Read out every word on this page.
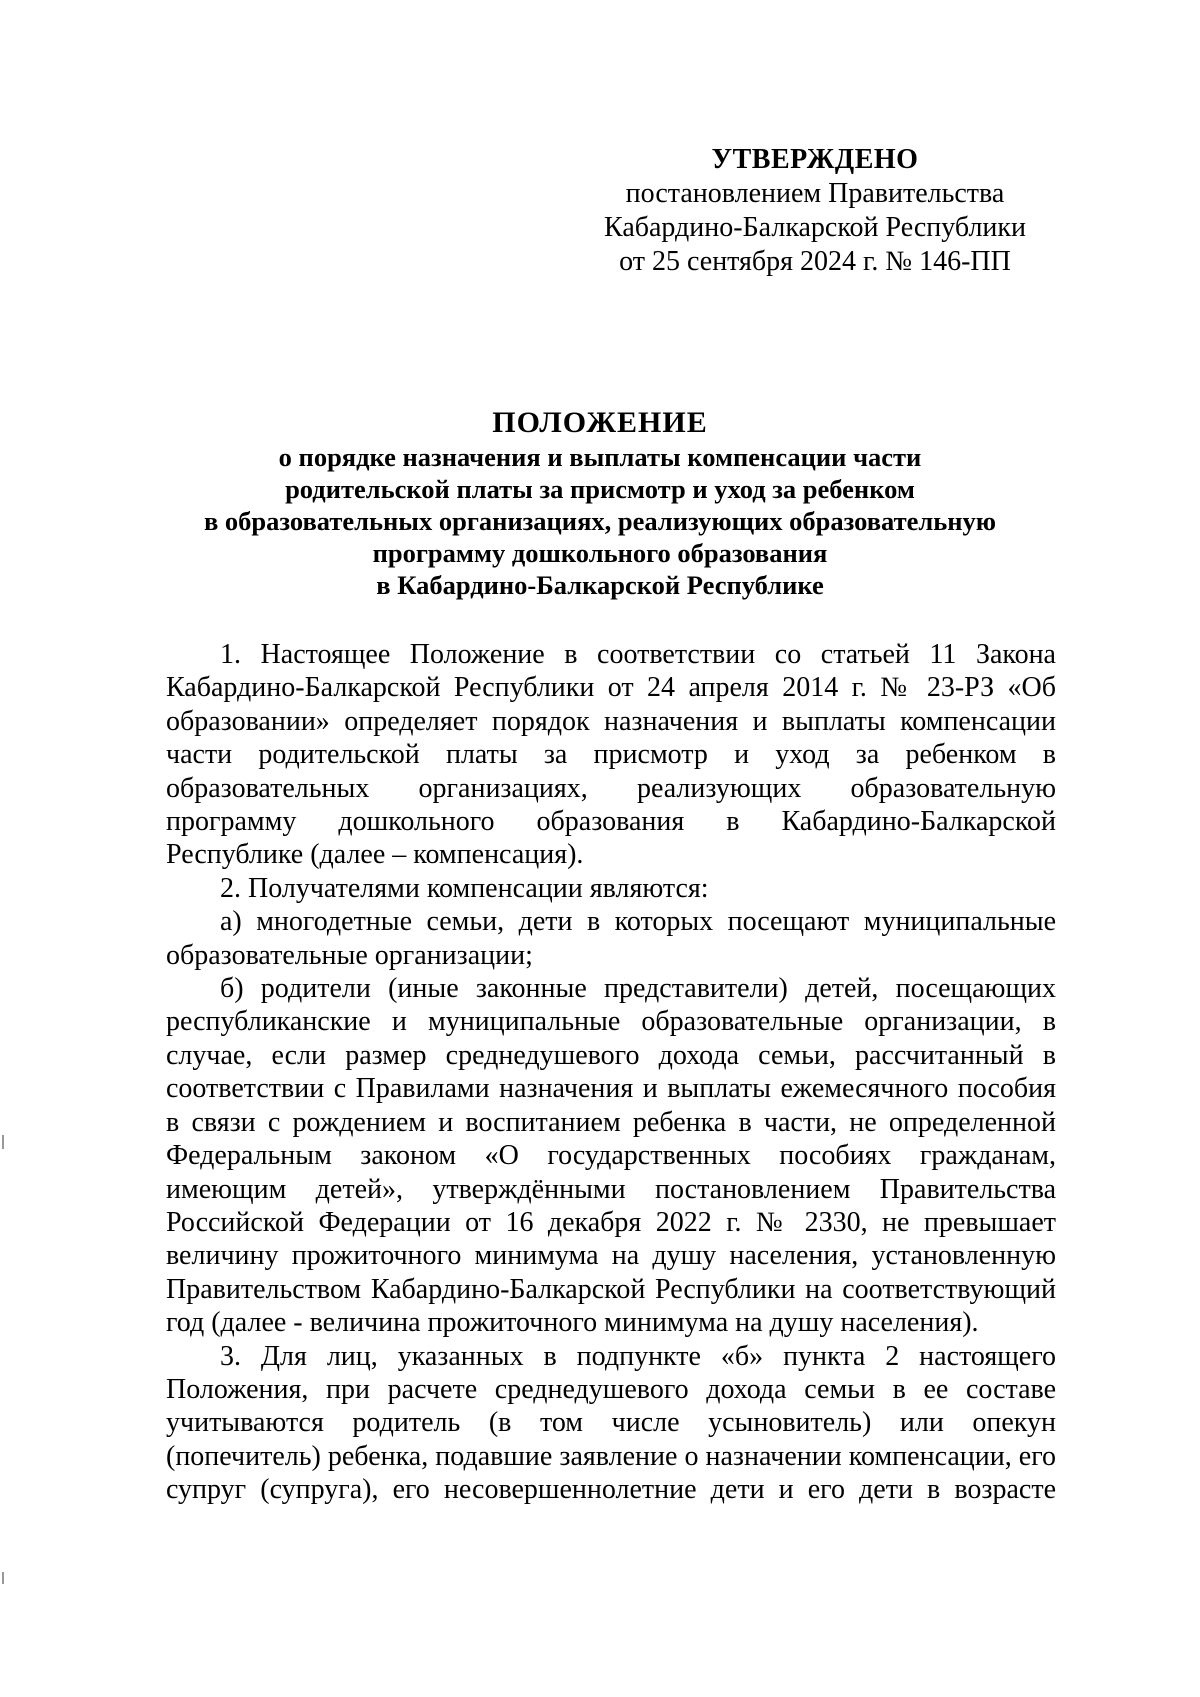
УТВЕРЖДЕНО
постановлением Правительства
Кабардино-Балкарской Республики
от 25 сентября 2024 г. № 146-ПП
ПОЛОЖЕНИЕ
о порядке назначения и выплаты компенсации части
родительской платы за присмотр и уход за ребенком
в образовательных организациях, реализующих образовательную
программу дошкольного образования
в Кабардино-Балкарской Республике

1. Настоящее Положение в соответствии со статьей 11 Закона Кабардино-Балкарской Республики от 24 апреля 2014 г. № 23-РЗ «Об образовании» определяет порядок назначения и выплаты компенсации части родительской платы за присмотр и уход за ребенком в образовательных организациях, реализующих образовательную программу дошкольного образования в Кабардино-Балкарской Республике (далее – компенсация).

2. Получателями компенсации являются:

а) многодетные семьи, дети в которых посещают муниципальные образовательные организации;

б) родители (иные законные представители) детей, посещающих республиканские и муниципальные образовательные организации, в случае, если размер среднедушевого дохода семьи, рассчитанный в соответствии с Правилами назначения и выплаты ежемесячного пособия в связи с рождением и воспитанием ребенка в части, не определенной Федеральным законом «О государственных пособиях гражданам, имеющим детей», утверждёнными постановлением Правительства Российской Федерации от 16 декабря 2022 г. № 2330, не превышает величину прожиточного минимума на душу населения, установленную Правительством Кабардино-Балкарской Республики на соответствующий год (далее - величина прожиточного минимума на душу населения).

3. Для лиц, указанных в подпункте «б» пункта 2 настоящего Положения, при расчете среднедушевого дохода семьи в ее составе учитываются родитель (в том числе усыновитель) или опекун (попечитель) ребенка, подавшие заявление о назначении компенсации, его супруг (супруга), его несовершеннолетние дети и его дети в возрасте
